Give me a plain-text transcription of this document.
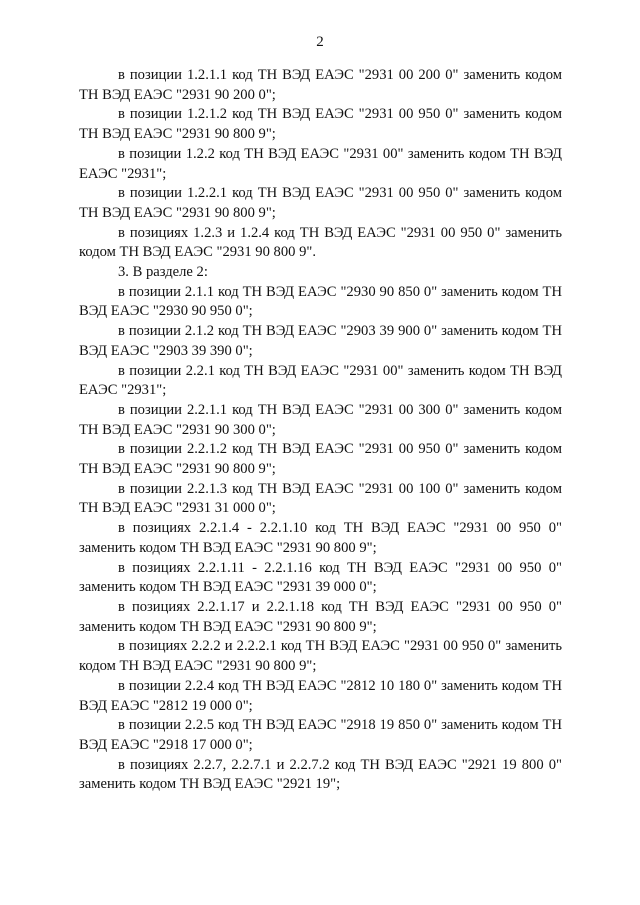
2

в позиции 1.2.1.1 код ТН ВЭД ЕАЭС "2931 00 200 0" заменить кодом ТН ВЭД ЕАЭС "2931 90 200 0";

в позиции 1.2.1.2 код ТН ВЭД ЕАЭС "2931 00 950 0" заменить кодом ТН ВЭД ЕАЭС "2931 90 800 9";

в позиции 1.2.2 код ТН ВЭД ЕАЭС "2931 00" заменить кодом ТН ВЭД ЕАЭС "2931";

в позиции 1.2.2.1 код ТН ВЭД ЕАЭС "2931 00 950 0" заменить кодом ТН ВЭД ЕАЭС "2931 90 800 9";

в позициях 1.2.3 и 1.2.4 код ТН ВЭД ЕАЭС "2931 00 950 0" заменить кодом ТН ВЭД ЕАЭС "2931 90 800 9".

3. В разделе 2:

в позиции 2.1.1 код ТН ВЭД ЕАЭС "2930 90 850 0" заменить кодом ТН ВЭД ЕАЭС "2930 90 950 0";

в позиции 2.1.2 код ТН ВЭД ЕАЭС "2903 39 900 0" заменить кодом ТН ВЭД ЕАЭС "2903 39 390 0";

в позиции 2.2.1 код ТН ВЭД ЕАЭС "2931 00" заменить кодом ТН ВЭД ЕАЭС "2931";

в позиции 2.2.1.1 код ТН ВЭД ЕАЭС "2931 00 300 0" заменить кодом ТН ВЭД ЕАЭС "2931 90 300 0";

в позиции 2.2.1.2 код ТН ВЭД ЕАЭС "2931 00 950 0" заменить кодом ТН ВЭД ЕАЭС "2931 90 800 9";

в позиции 2.2.1.3 код ТН ВЭД ЕАЭС "2931 00 100 0" заменить кодом ТН ВЭД ЕАЭС "2931 31 000 0";

в позициях 2.2.1.4 - 2.2.1.10 код ТН ВЭД ЕАЭС "2931 00 950 0" заменить кодом ТН ВЭД ЕАЭС "2931 90 800 9";

в позициях 2.2.1.11 - 2.2.1.16 код ТН ВЭД ЕАЭС "2931 00 950 0" заменить кодом ТН ВЭД ЕАЭС "2931 39 000 0";

в позициях 2.2.1.17 и 2.2.1.18 код ТН ВЭД ЕАЭС "2931 00 950 0" заменить кодом ТН ВЭД ЕАЭС "2931 90 800 9";

в позициях 2.2.2 и 2.2.2.1 код ТН ВЭД ЕАЭС "2931 00 950 0" заменить кодом ТН ВЭД ЕАЭС "2931 90 800 9";

в позиции 2.2.4 код ТН ВЭД ЕАЭС "2812 10 180 0" заменить кодом ТН ВЭД ЕАЭС "2812 19 000 0";

в позиции 2.2.5 код ТН ВЭД ЕАЭС "2918 19 850 0" заменить кодом ТН ВЭД ЕАЭС "2918 17 000 0";

в позициях 2.2.7, 2.2.7.1 и 2.2.7.2 код ТН ВЭД ЕАЭС "2921 19 800 0" заменить кодом ТН ВЭД ЕАЭС "2921 19";
